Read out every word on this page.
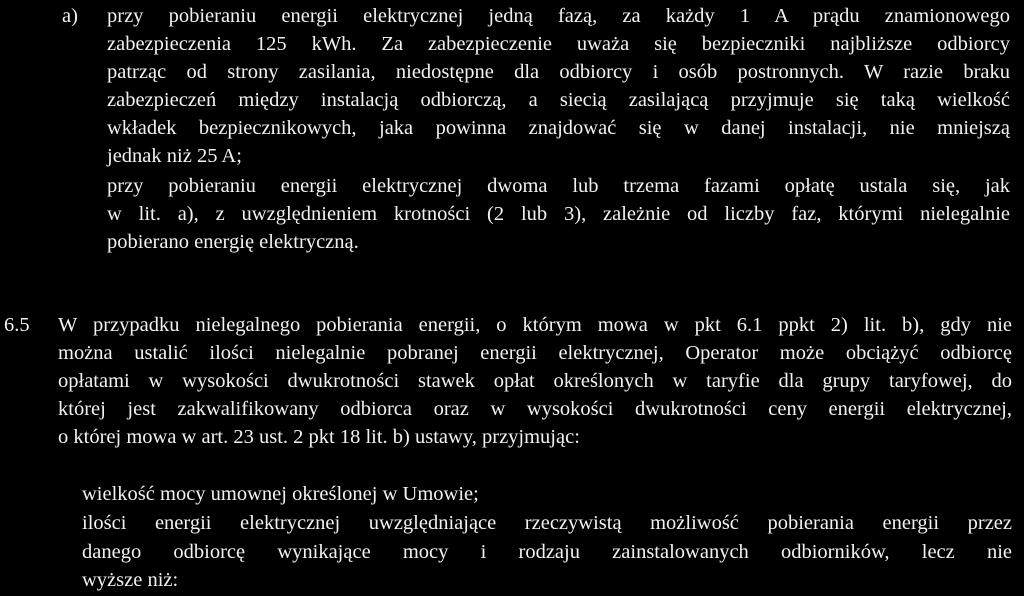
a) przy pobieraniu energii elektrycznej jedną fazą, za każdy 1 A prądu znamionowego
zabezpieczenia 125 kWh. Za zabezpieczenie uważa się bezpieczniki najbliższe odbiorcy
patrząc od strony zasilania, niedostępne dla odbiorcy i osób postronnych. W razie braku
zabezpieczeń między instalacją odbiorczą, a siecią zasilającą przyjmuje się taką wielkość
wkładek bezpiecznikowych, jaka powinna znajdować się w danej instalacji, nie mniejszą
jednak niż 25 A;
przy pobieraniu energii elektrycznej dwoma lub trzema fazami opłatę ustala się, jak
w lit. a), z uwzględnieniem krotności (2 lub 3), zależnie od liczby faz, którymi nielegalnie
pobierano energię elektryczną.
6.5 W przypadku nielegalnego pobierania energii, o którym mowa w pkt 6.1 ppkt 2) lit. b), gdy nie
można ustalić ilości nielegalnie pobranej energii elektrycznej, Operator może obciążyć odbiorcę
opłatami w wysokości dwukrotności stawek opłat określonych w taryfie dla grupy taryfowej, do
której jest zakwalifikowany odbiorca oraz w wysokości dwukrotności ceny energii elektrycznej,
o której mowa w art. 23 ust. 2 pkt 18 lit. b) ustawy, przyjmując:
wielkość mocy umownej określonej w Umowie;
ilości energii elektrycznej uwzględniające rzeczywistą możliwość pobierania energii przez
danego odbiorcę wynikające mocy i rodzaju zainstalowanych odbiorników, lecz nie
wyższe niż:
